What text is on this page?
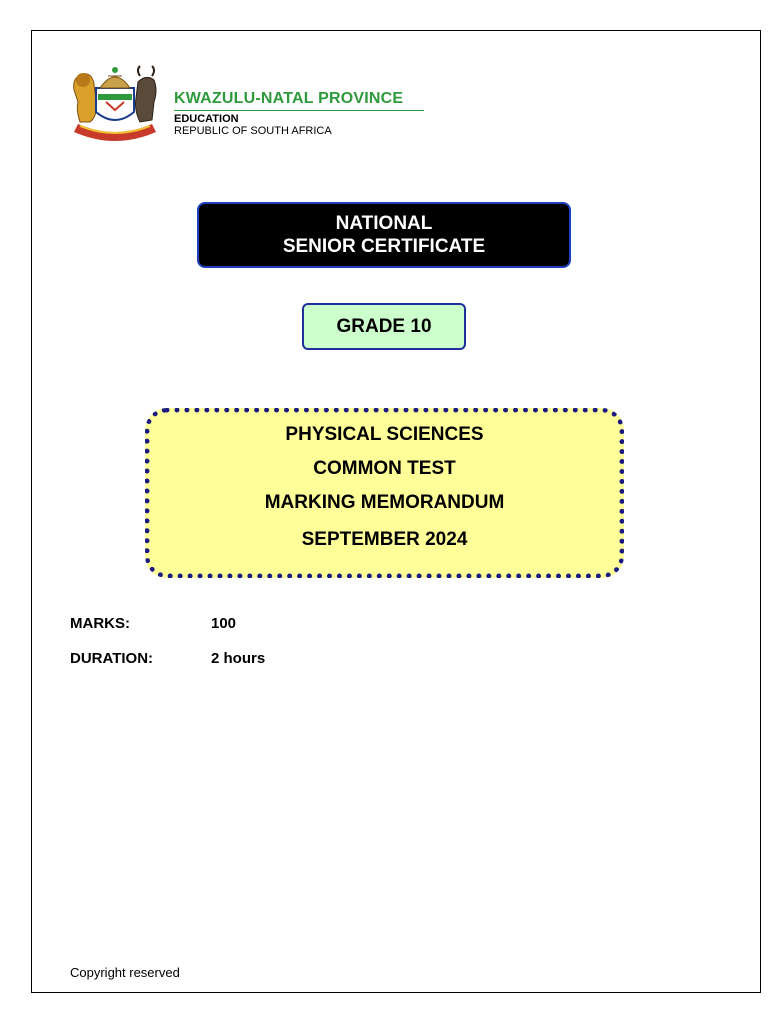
KWAZULU-NATAL PROVINCE
EDUCATION
REPUBLIC OF SOUTH AFRICA
NATIONAL
SENIOR CERTIFICATE
GRADE 10
PHYSICAL SCIENCES
COMMON TEST
MARKING MEMORANDUM
SEPTEMBER 2024
MARKS:	100
DURATION:	2 hours
Copyright reserved
